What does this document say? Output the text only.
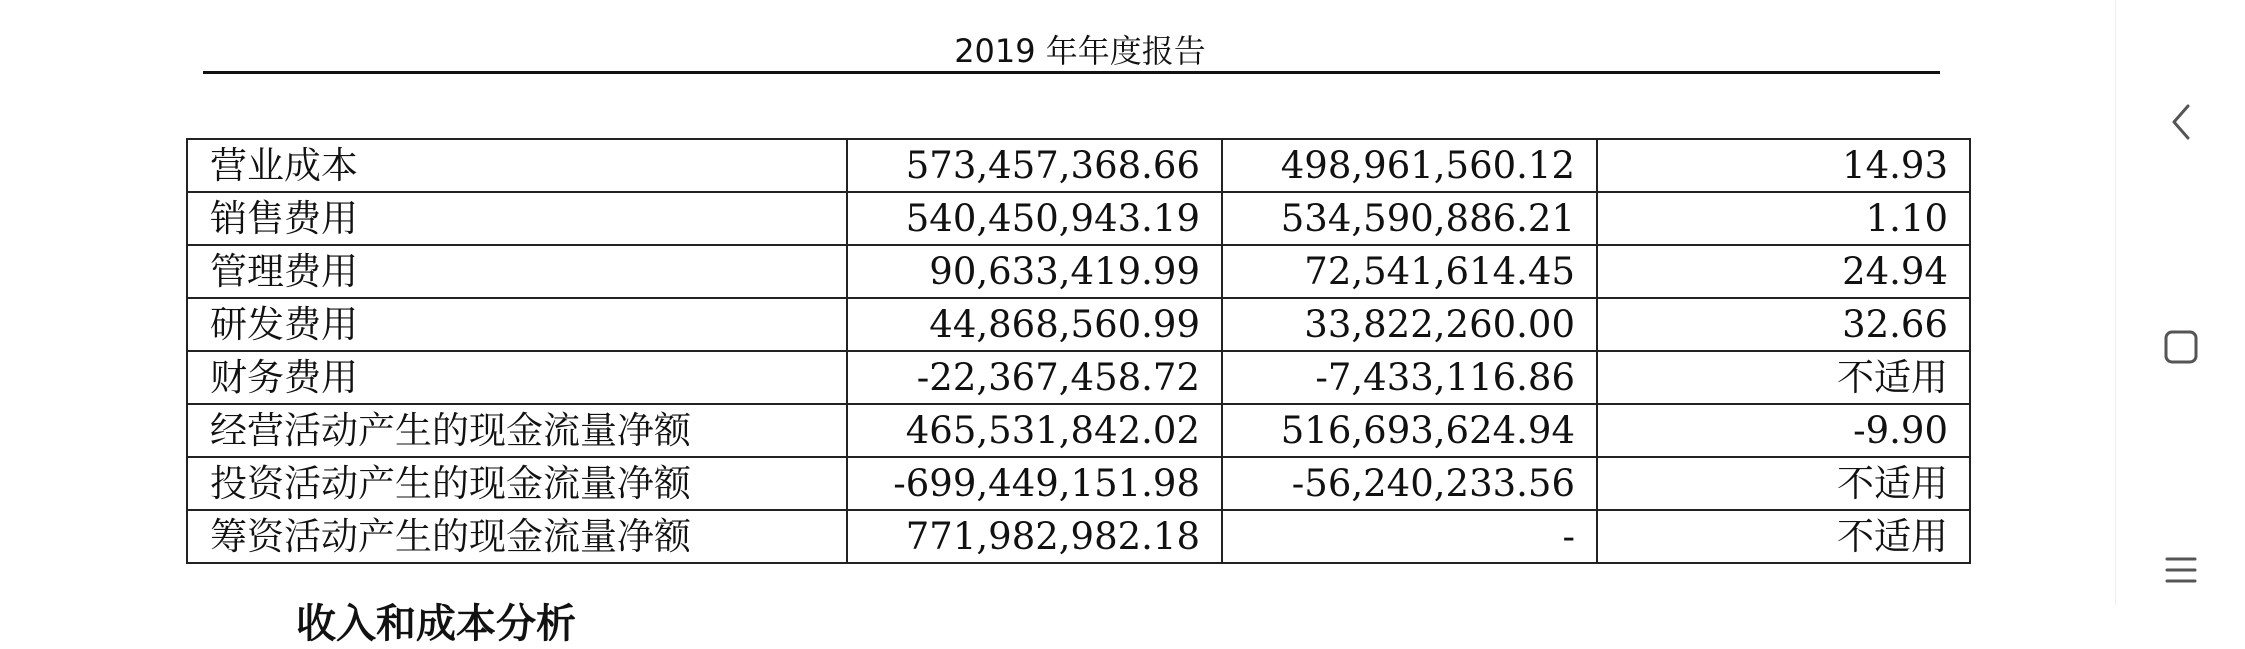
2019 年年度报告
营业成本	573,457,368.66	498,961,560.12	14.93
销售费用	540,450,943.19	534,590,886.21	1.10
管理费用	90,633,419.99	72,541,614.45	24.94
研发费用	44,868,560.99	33,822,260.00	32.66
财务费用	-22,367,458.72	-7,433,116.86	不适用
经营活动产生的现金流量净额	465,531,842.02	516,693,624.94	-9.90
投资活动产生的现金流量净额	-699,449,151.98	-56,240,233.56	不适用
筹资活动产生的现金流量净额	771,982,982.18	-	不适用
收入和成本分析
